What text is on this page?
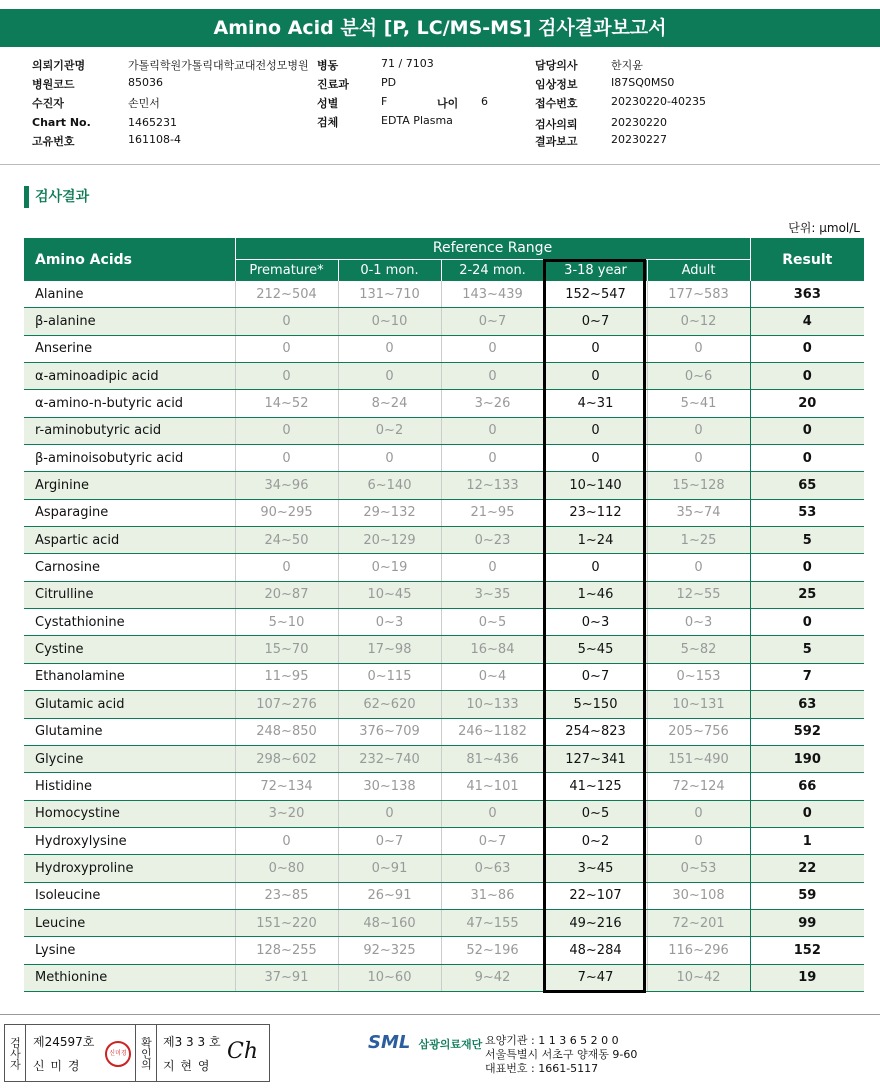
Amino Acid 분석 [P, LC/MS-MS] 검사결과보고서
의뢰기관명	가톨릭학원가톨릭대학교대전성모병원
병원코드	85036
수진자	손민서
Chart No.	1465231
고유번호	161108-4
병동	71 / 7103
진료과	PD
성별	F	나이 6
검체	EDTA Plasma
담당의사	한지윤
임상정보	I87SQ0MS0
접수번호	20230220-40235
검사의뢰	20230220
결과보고	20230227
검사결과
단위: μmol/L
Amino Acids	Reference Range					Result
	Premature*	0-1 mon.	2-24 mon.	3-18 year	Adult	
Alanine	212~504	131~710	143~439	152~547	177~583	363
β-alanine	0	0~10	0~7	0~7	0~12	4
Anserine	0	0	0	0	0	0
α-aminoadipic acid	0	0	0	0	0~6	0
α-amino-n-butyric acid	14~52	8~24	3~26	4~31	5~41	20
r-aminobutyric acid	0	0~2	0	0	0	0
β-aminoisobutyric acid	0	0	0	0	0	0
Arginine	34~96	6~140	12~133	10~140	15~128	65
Asparagine	90~295	29~132	21~95	23~112	35~74	53
Aspartic acid	24~50	20~129	0~23	1~24	1~25	5
Carnosine	0	0~19	0	0	0	0
Citrulline	20~87	10~45	3~35	1~46	12~55	25
Cystathionine	5~10	0~3	0~5	0~3	0~3	0
Cystine	15~70	17~98	16~84	5~45	5~82	5
Ethanolamine	11~95	0~115	0~4	0~7	0~153	7
Glutamic acid	107~276	62~620	10~133	5~150	10~131	63
Glutamine	248~850	376~709	246~1182	254~823	205~756	592
Glycine	298~602	232~740	81~436	127~341	151~490	190
Histidine	72~134	30~138	41~101	41~125	72~124	66
Homocystine	3~20	0	0	0~5	0	0
Hydroxylysine	0	0~7	0~7	0~2	0	1
Hydroxyproline	0~80	0~91	0~63	3~45	0~53	22
Isoleucine	23~85	26~91	31~86	22~107	30~108	59
Leucine	151~220	48~160	47~155	49~216	72~201	99
Lysine	128~255	92~325	52~196	48~284	116~296	152
Methionine	37~91	10~60	9~42	7~47	10~42	19
검사자 제24597호
신 미 경
신미경	확인의 제3 3 3 호
지 현 영
Ch	SML 삼광의료재단 요양기관 : 1 1 3 6 5 2 0 0
서울특별시 서초구 양재동 9-60
대표번호 : 1661-5117
